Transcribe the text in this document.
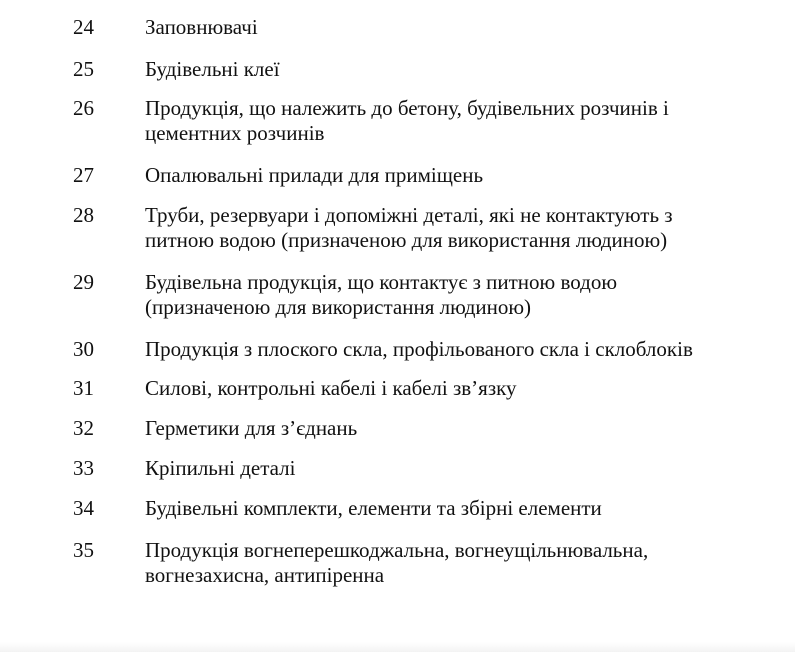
24 Заповнювачі
25 Будівельні клеї
26 Продукція, що належить до бетону, будівельних розчинів і
цементних розчинів
27 Опалювальні прилади для приміщень
28 Труби, резервуари і допоміжні деталі, які не контактують з
питною водою (призначеною для використання людиною)
29 Будівельна продукція, що контактує з питною водою
(призначеною для використання людиною)
30 Продукція з плоского скла, профільованого скла і склоблоків
31 Силові, контрольні кабелі і кабелі зв’язку
32 Герметики для з’єднань
33 Кріпильні деталі
34 Будівельні комплекти, елементи та збірні елементи
35 Продукція вогнеперешкоджальна, вогнеущільнювальна,
вогнезахисна, антипіренна
